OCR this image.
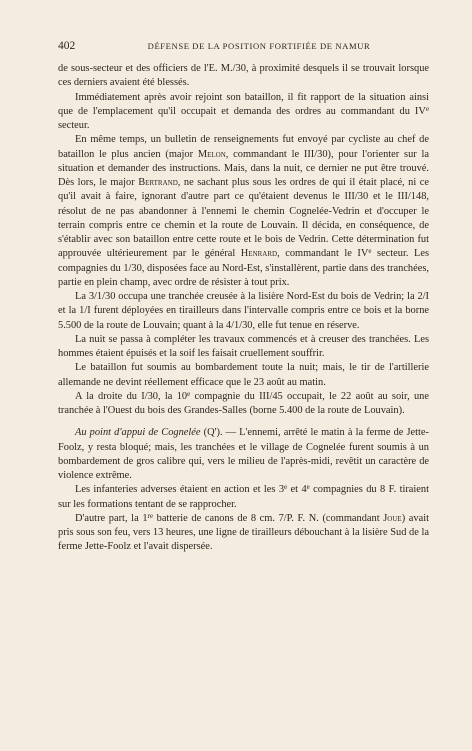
402	DÉFENSE DE LA POSITION FORTIFIÉE DE NAMUR

de sous-secteur et des officiers de l'E. M./30, à proximité desquels il se trouvait lorsque ces derniers avaient été blessés.

Immédiatement après avoir rejoint son bataillon, il fit rapport de la situation ainsi que de l'emplacement qu'il occupait et demanda des ordres au commandant du IVe secteur.

En même temps, un bulletin de renseignements fut envoyé par cycliste au chef de bataillon le plus ancien (major Melon, commandant le III/30), pour l'orienter sur la situation et demander des instructions. Mais, dans la nuit, ce dernier ne put être trouvé. Dès lors, le major Bertrand, ne sachant plus sous les ordres de qui il était placé, ni ce qu'il avait à faire, ignorant d'autre part ce qu'étaient devenus le III/30 et le III/148, résolut de ne pas abandonner à l'ennemi le chemin Cognelée-Vedrin et d'occuper le terrain compris entre ce chemin et la route de Louvain. Il décida, en conséquence, de s'établir avec son bataillon entre cette route et le bois de Vedrin. Cette détermination fut approuvée ultérieurement par le général Henrard, commandant le IVe secteur. Les compagnies du 1/30, disposées face au Nord-Est, s'installèrent, partie dans des tranchées, partie en plein champ, avec ordre de résister à tout prix.

La 3/1/30 occupa une tranchée creusée à la lisière Nord-Est du bois de Vedrin; la 2/I et la 1/I furent déployées en tirailleurs dans l'intervalle compris entre ce bois et la borne 5.500 de la route de Louvain; quant à la 4/1/30, elle fut tenue en réserve.

La nuit se passa à compléter les travaux commencés et à creuser des tranchées. Les hommes étaient épuisés et la soif les faisait cruellement souffrir.

Le bataillon fut soumis au bombardement toute la nuit; mais, le tir de l'artillerie allemande ne devint réellement efficace que le 23 août au matin.

A la droite du I/30, la 10e compagnie du III/45 occupait, le 22 août au soir, une tranchée à l'Ouest du bois des Grandes-Salles (borne 5.400 de la route de Louvain).

Au point d'appui de Cognelée (Q'). — L'ennemi, arrêté le matin à la ferme de Jette-Foolz, y resta bloqué; mais, les tranchées et le village de Cognelée furent soumis à un bombardement de gros calibre qui, vers le milieu de l'après-midi, revêtit un caractère de violence extrême.

Les infanteries adverses étaient en action et les 3e et 4e compagnies du 8 F. tiraient sur les formations tentant de se rapprocher.

D'autre part, la 1re batterie de canons de 8 cm. 7/P. F. N. (commandant Joue) avait pris sous son feu, vers 13 heures, une ligne de tirailleurs débouchant à la lisière Sud de la ferme Jette-Foolz et l'avait dispersée.
